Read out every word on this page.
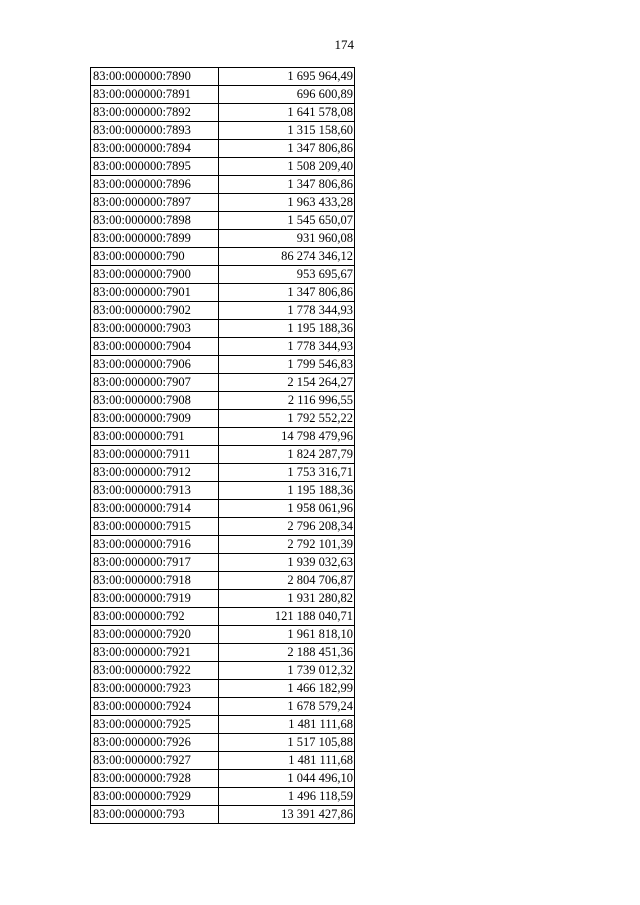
174
83:00:000000:7890	1 695 964,49
83:00:000000:7891	696 600,89
83:00:000000:7892	1 641 578,08
83:00:000000:7893	1 315 158,60
83:00:000000:7894	1 347 806,86
83:00:000000:7895	1 508 209,40
83:00:000000:7896	1 347 806,86
83:00:000000:7897	1 963 433,28
83:00:000000:7898	1 545 650,07
83:00:000000:7899	931 960,08
83:00:000000:790	86 274 346,12
83:00:000000:7900	953 695,67
83:00:000000:7901	1 347 806,86
83:00:000000:7902	1 778 344,93
83:00:000000:7903	1 195 188,36
83:00:000000:7904	1 778 344,93
83:00:000000:7906	1 799 546,83
83:00:000000:7907	2 154 264,27
83:00:000000:7908	2 116 996,55
83:00:000000:7909	1 792 552,22
83:00:000000:791	14 798 479,96
83:00:000000:7911	1 824 287,79
83:00:000000:7912	1 753 316,71
83:00:000000:7913	1 195 188,36
83:00:000000:7914	1 958 061,96
83:00:000000:7915	2 796 208,34
83:00:000000:7916	2 792 101,39
83:00:000000:7917	1 939 032,63
83:00:000000:7918	2 804 706,87
83:00:000000:7919	1 931 280,82
83:00:000000:792	121 188 040,71
83:00:000000:7920	1 961 818,10
83:00:000000:7921	2 188 451,36
83:00:000000:7922	1 739 012,32
83:00:000000:7923	1 466 182,99
83:00:000000:7924	1 678 579,24
83:00:000000:7925	1 481 111,68
83:00:000000:7926	1 517 105,88
83:00:000000:7927	1 481 111,68
83:00:000000:7928	1 044 496,10
83:00:000000:7929	1 496 118,59
83:00:000000:793	13 391 427,86
